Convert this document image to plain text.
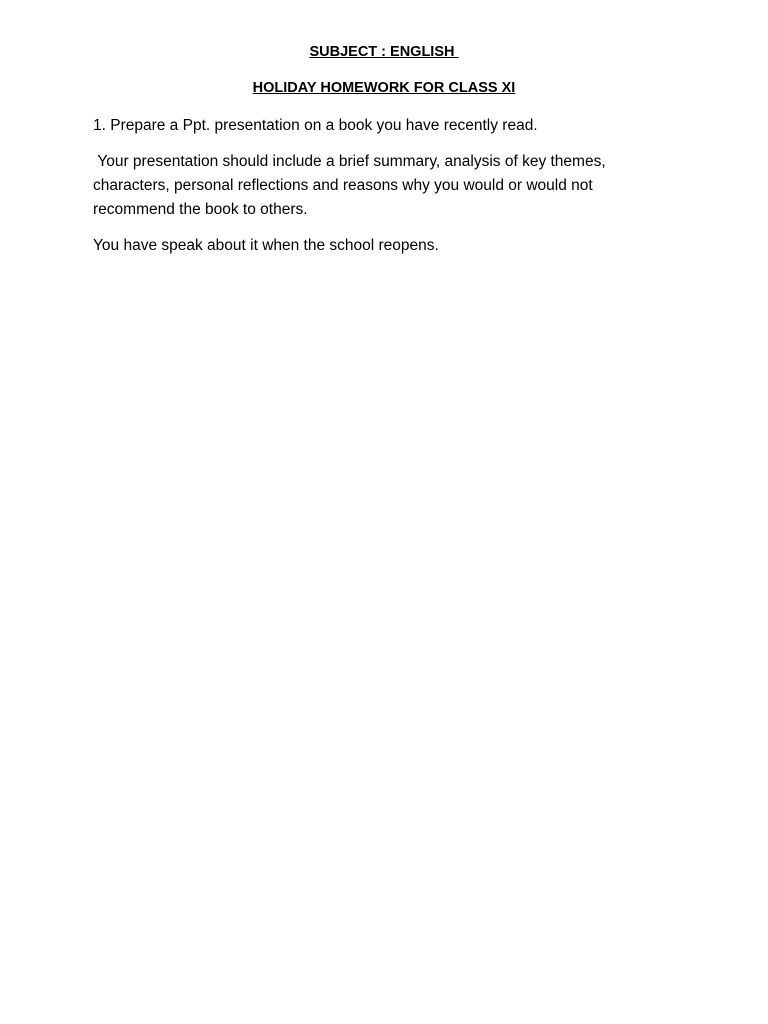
SUBJECT : ENGLISH

HOLIDAY HOMEWORK FOR CLASS XI

1. Prepare a Ppt. presentation on a book you have recently read.

Your presentation should include a brief summary, analysis of key themes, characters, personal reflections and reasons why you would or would not recommend the book to others.

You have speak about it when the school reopens.
